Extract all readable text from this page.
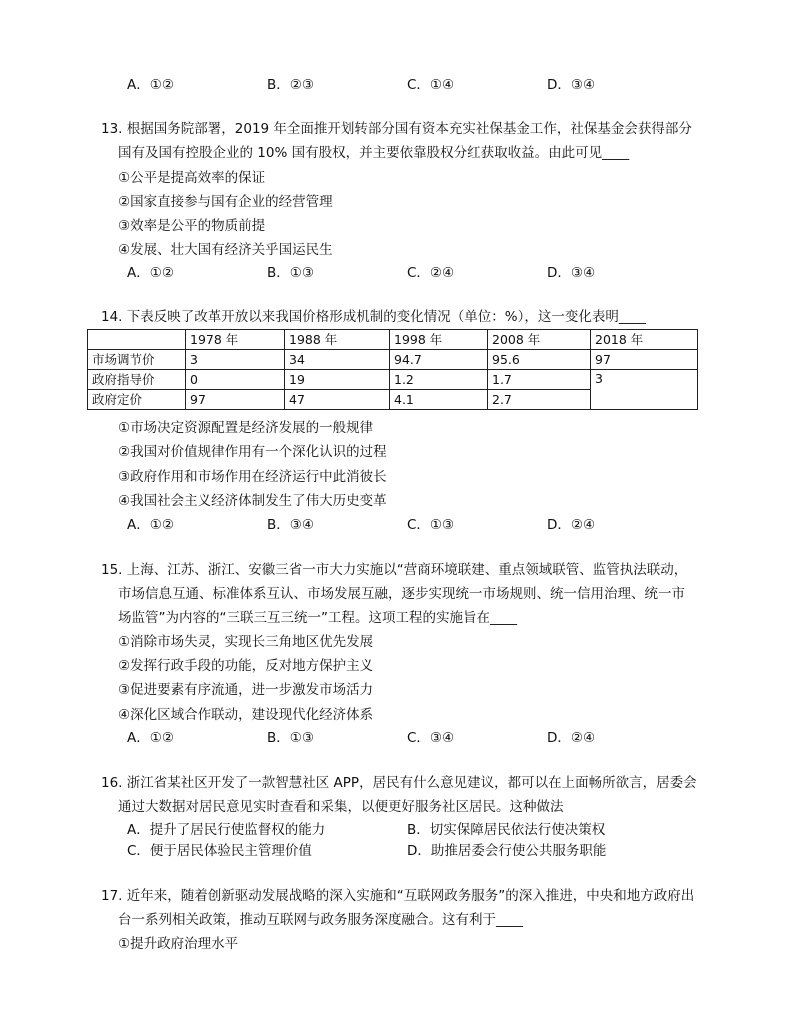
A．①②	B．②③	C．①④	D．③④
13. 根据国务院部署，2019 年全面推开划转部分国有资本充实社保基金工作，社保基金会获得部分
国有及国有控股企业的 10% 国有股权，并主要依靠股权分红获取收益。由此可见____
①公平是提高效率的保证
②国家直接参与国有企业的经营管理
③效率是公平的物质前提
④发展、壮大国有经济关乎国运民生
A．①②	B．①③	C．②④	D．③④
14. 下表反映了改革开放以来我国价格形成机制的变化情况（单位：%），这一变化表明____
	1978 年	1988 年	1998 年	2008 年	2018 年
市场调节价	3	34	94.7	95.6	97
政府指导价	0	19	1.2	1.7	3
政府定价	97	47	4.1	2.7	
①市场决定资源配置是经济发展的一般规律
②我国对价值规律作用有一个深化认识的过程
③政府作用和市场作用在经济运行中此消彼长
④我国社会主义经济体制发生了伟大历史变革
A．①②	B．③④	C．①③	D．②④
15. 上海、江苏、浙江、安徽三省一市大力实施以“营商环境联建、重点领域联管、监管执法联动，
市场信息互通、标准体系互认、市场发展互融，逐步实现统一市场规则、统一信用治理、统一市
场监管”为内容的“三联三互三统一”工程。这项工程的实施旨在____
①消除市场失灵，实现长三角地区优先发展
②发挥行政手段的功能，反对地方保护主义
③促进要素有序流通，进一步激发市场活力
④深化区域合作联动，建设现代化经济体系
A．①②	B．①③	C．③④	D．②④
16. 浙江省某社区开发了一款智慧社区 APP，居民有什么意见建议，都可以在上面畅所欲言，居委会
通过大数据对居民意见实时查看和采集，以便更好服务社区居民。这种做法
A．提升了居民行使监督权的能力	B．切实保障居民依法行使决策权
C．便于居民体验民主管理价值	D．助推居委会行使公共服务职能
17. 近年来，随着创新驱动发展战略的深入实施和“互联网政务服务”的深入推进，中央和地方政府出
台一系列相关政策，推动互联网与政务服务深度融合。这有利于____
①提升政府治理水平
